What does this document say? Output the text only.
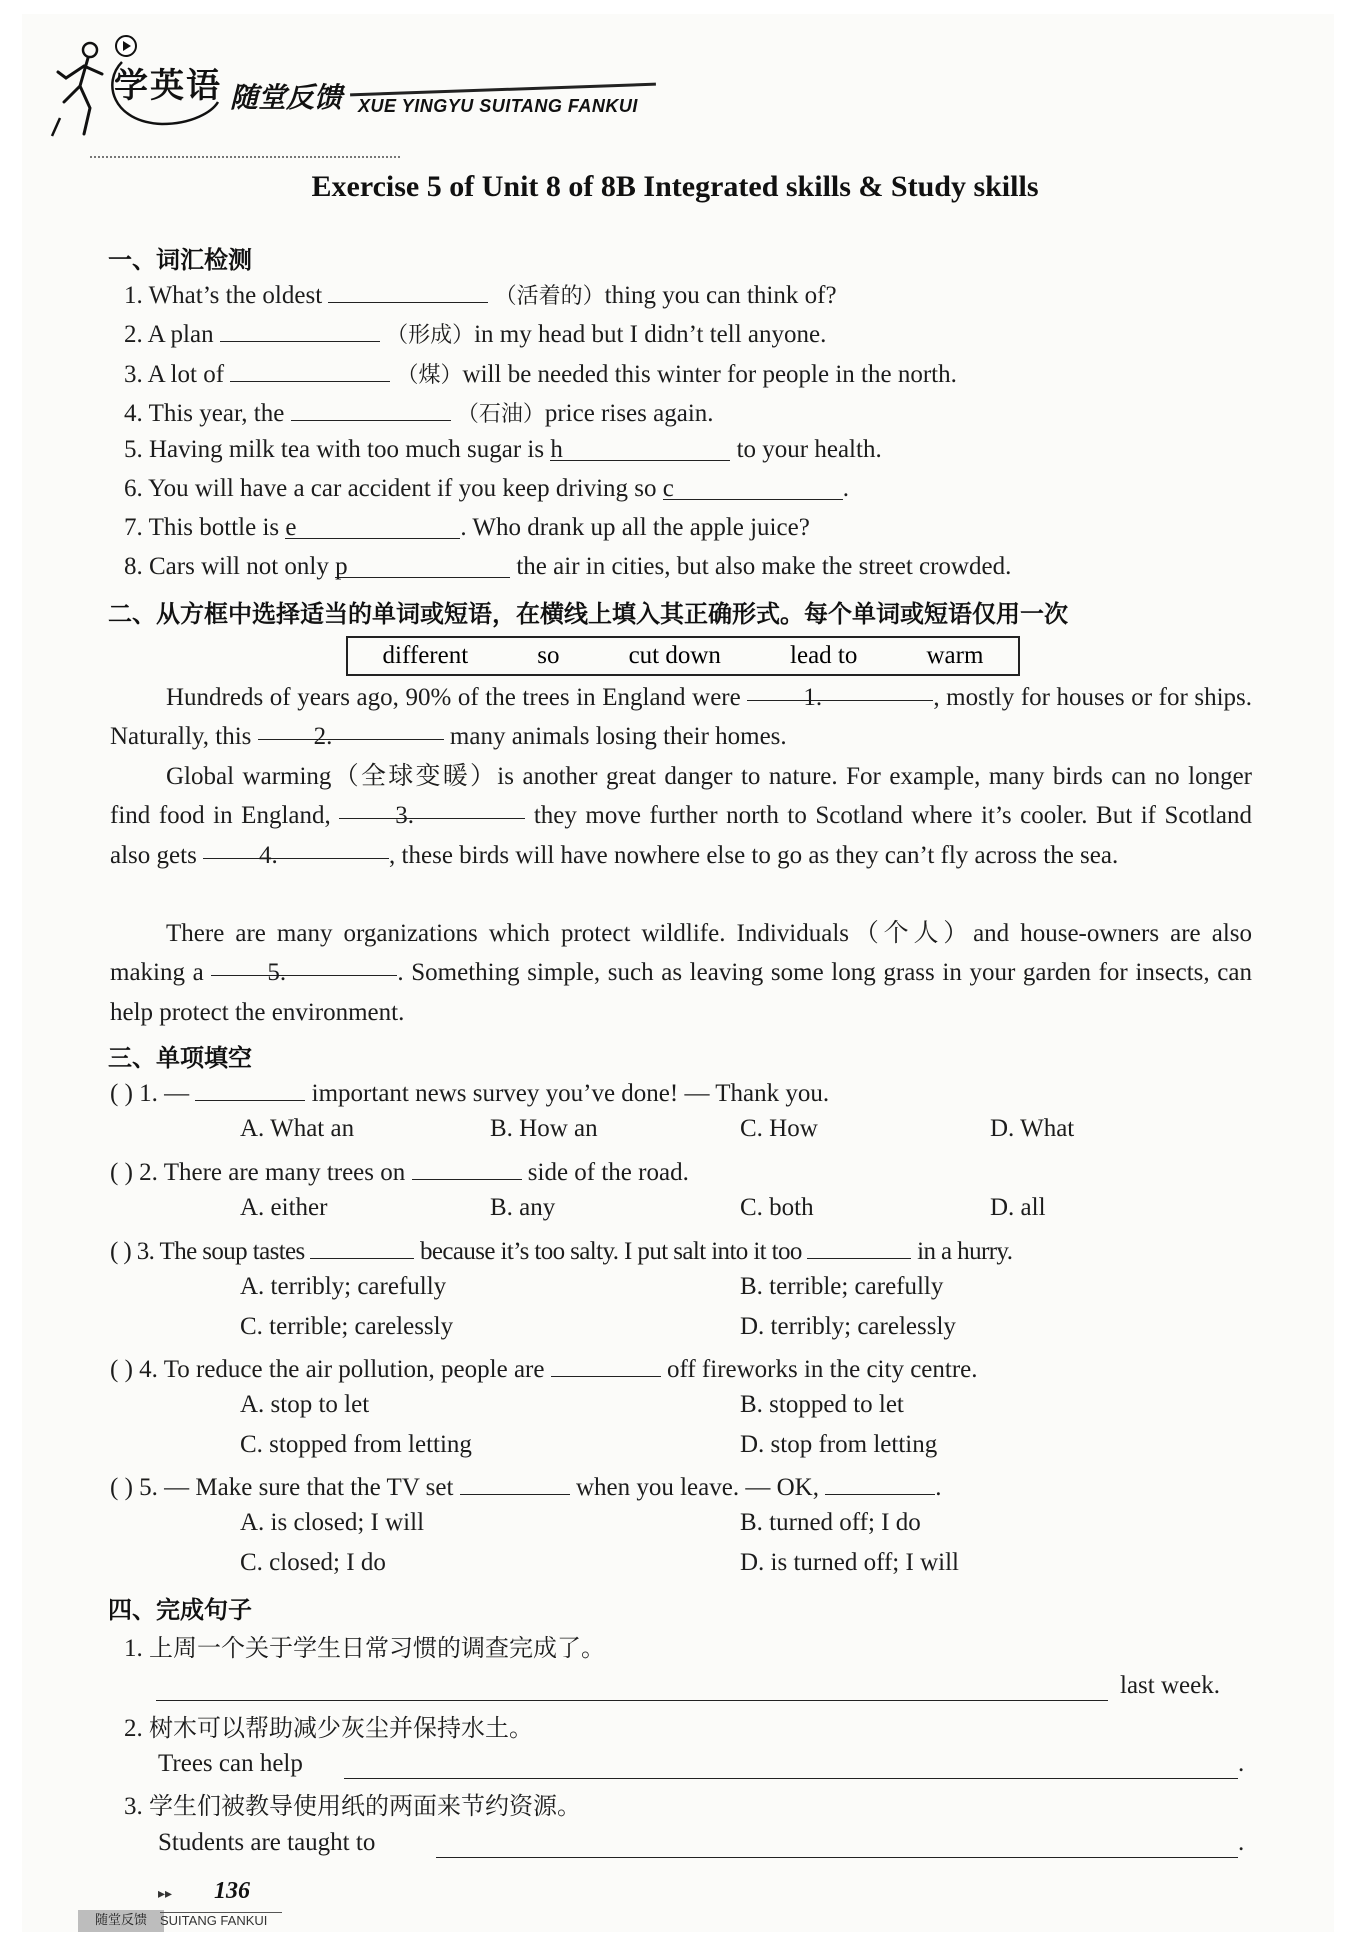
学英语 随堂反馈 XUE YINGYU SUITANG FANKUI
Exercise 5 of Unit 8 of 8B Integrated skills & Study skills
一、词汇检测
1. What’s the oldest	（活着的）thing you can think of?
2. A plan	（形成）in my head but I didn’t tell anyone.
3. A lot of	（煤）will be needed this winter for people in the north.
4. This year, the	（石油）price rises again.
5. Having milk tea with too much sugar is h	to your health.
6. You will have a car accident if you keep driving so c	.
7. This bottle is e	. Who drank up all the apple juice?
8. Cars will not only p	the air in cities, but also make the street crowded.
二、从方框中选择适当的单词或短语，在横线上填入其正确形式。每个单词或短语仅用一次
different	so	cut down	lead to	warm
Hundreds of years ago, 90% of the trees in England were	1.	, mostly for houses or for ships. Naturally, this 2.	many animals losing their homes.
Global warming（全球变暖）is another great danger to nature. For example, many birds can no longer find food in England,	3.	they move further north to Scotland where it’s cooler. But if Scotland also gets 4.	, these birds will have nowhere else to go as they can’t fly across the sea.
There are many organizations which protect wildlife. Individuals（个人）and house-owners are also making a	5.	. Something simple, such as leaving some long grass in your garden for insects, can help protect the environment.
三、单项填空
( ) 1. —	important news survey you’ve done! — Thank you.
A. What an	B. How an	C. How	D. What
( ) 2. There are many trees on	side of the road.
A. either	B. any	C. both	D. all
( ) 3. The soup tastes	because it’s too salty. I put salt into it too	in a hurry.
A. terribly; carefully	B. terrible; carefully
C. terrible; carelessly	D. terribly; carelessly
( ) 4. To reduce the air pollution, people are	off fireworks in the city centre.
A. stop to let	B. stopped to let
C. stopped from letting	D. stop from letting
( ) 5. — Make sure that the TV set	when you leave. — OK,	.
A. is closed; I will	B. turned off; I do
C. closed; I do	D. is turned off; I will
四、完成句子
1. 上周一个关于学生日常习惯的调查完成了。
last week.
2. 树木可以帮助减少灰尘并保持水土。
Trees can help	.
3. 学生们被教导使用纸的两面来节约资源。
Students are taught to	.
▸▸ 136
随堂反馈	SUITANG FANKUI
